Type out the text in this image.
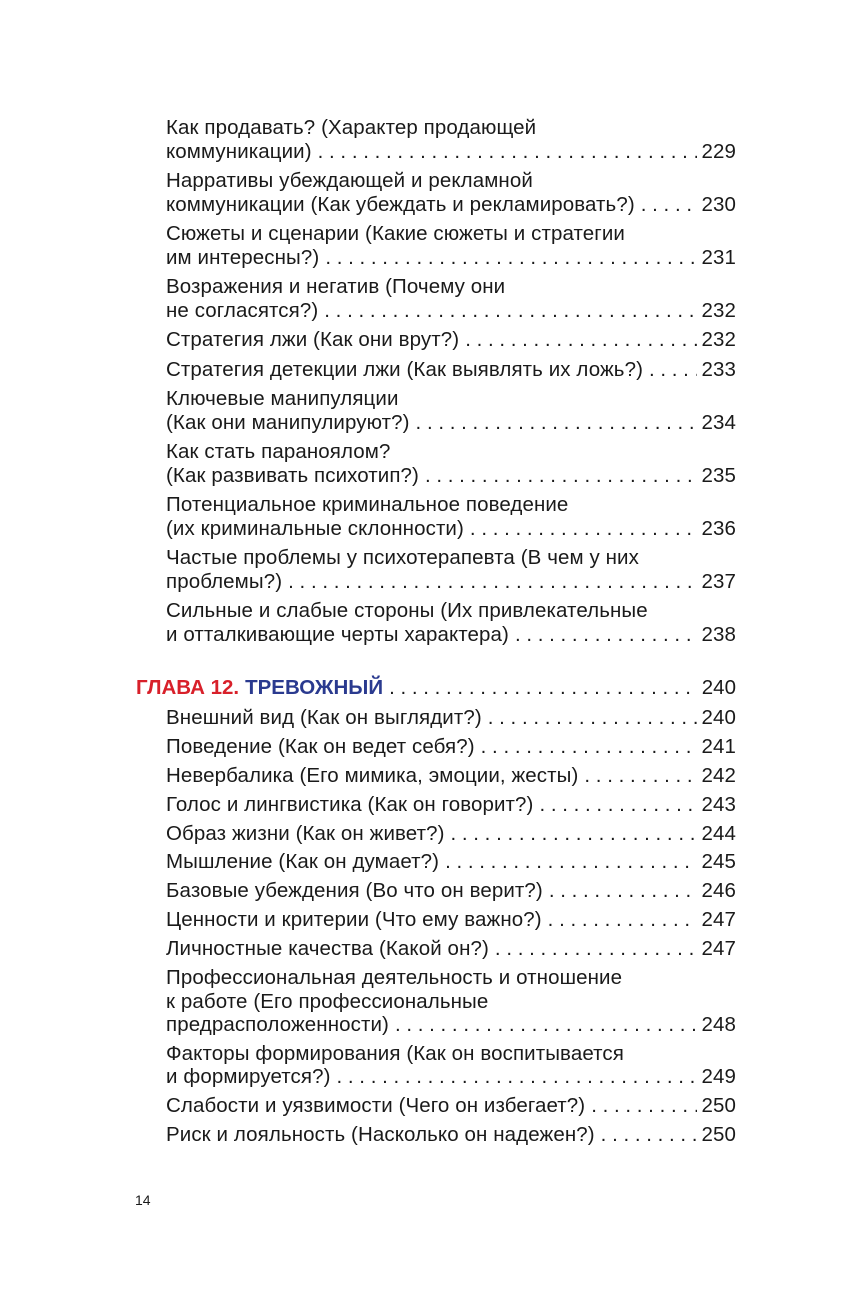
Как продавать? (Характер продающей
коммуникации) . . .	229
Нарративы убеждающей и рекламной
коммуникации (Как убеждать и рекламировать?) . . .	230
Сюжеты и сценарии (Какие сюжеты и стратегии
им интересны?) . . .	231
Возражения и негатив (Почему они
не согласятся?) . . .	232
Стратегия лжи (Как они врут?) . . .	232
Стратегия детекции лжи (Как выявлять их ложь?) . . .	233
Ключевые манипуляции
(Как они манипулируют?) . . .	234
Как стать параноялом?
(Как развивать психотип?) . . .	235
Потенциальное криминальное поведение
(их криминальные склонности) . . .	236
Частые проблемы у психотерапевта (В чем у них
проблемы?) . . .	237
Сильные и слабые стороны (Их привлекательные
и отталкивающие черты характера) . . .	238
ГЛАВА 12. ТРЕВОЖНЫЙ . . .	240
Внешний вид (Как он выглядит?) . . .	240
Поведение (Как он ведет себя?) . . .	241
Невербалика (Его мимика, эмоции, жесты) . . .	242
Голос и лингвистика (Как он говорит?) . . .	243
Образ жизни (Как он живет?) . . .	244
Мышление (Как он думает?) . . .	245
Базовые убеждения (Во что он верит?) . . .	246
Ценности и критерии (Что ему важно?) . . .	247
Личностные качества (Какой он?) . . .	247
Профессиональная деятельность и отношение
к работе (Его профессиональные
предрасположенности) . . .	248
Факторы формирования (Как он воспитывается
и формируется?) . . .	249
Слабости и уязвимости (Чего он избегает?) . . .	250
Риск и лояльность (Насколько он надежен?) . . .	250
14
